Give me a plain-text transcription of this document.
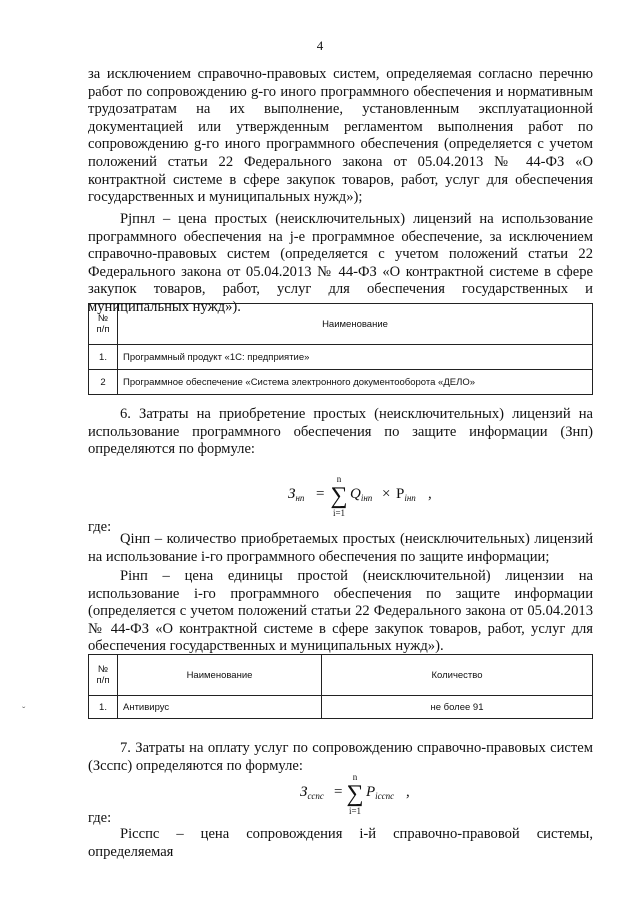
4

за исключением справочно-правовых систем, определяемая согласно перечню работ по сопровождению g-го иного программного обеспечения и нормативным трудозатратам на их выполнение, установленным эксплуатационной документацией или утвержденным регламентом выполнения работ по сопровождению g-го иного программного обеспечения (определяется с учетом положений статьи 22 Федерального закона от 05.04.2013 № 44-ФЗ «О контрактной системе в сфере закупок товаров, работ, услуг для обеспечения государственных и муниципальных нужд»);

Pjпнл – цена простых (неисключительных) лицензий на использование программного обеспечения на j-е программное обеспечение, за исключением справочно-правовых систем (определяется с учетом положений статьи 22 Федерального закона от 05.04.2013 № 44-ФЗ «О контрактной системе в сфере закупок товаров, работ, услуг для обеспечения государственных и муниципальных нужд»).

№ п/п	Наименование
1.	Программный продукт «1С: предприятие»
2	Программное обеспечение «Система электронного документооборота «ДЕЛО»

6. Затраты на приобретение простых (неисключительных) лицензий на использование программного обеспечения по защите информации (Знп) определяются по формуле:

$З_{нп}$ =
n
∑
i=1
$Q_{iнп} \times P_{iнп}$ ,

где:

Qiнп – количество приобретаемых простых (неисключительных) лицензий на использование i-го программного обеспечения по защите информации;

Piнп – цена единицы простой (неисключительной) лицензии на использование i-го программного обеспечения по защите информации (определяется с учетом положений статьи 22 Федерального закона от 05.04.2013 № 44-ФЗ «О контрактной системе в сфере закупок товаров, работ, услуг для обеспечения государственных и муниципальных нужд»).

№ п/п	Наименование	Количество
1.	Антивирус	не более 91

7. Затраты на оплату услуг по сопровождению справочно-правовых систем (Зсспс) определяются по формуле:

$З_{сспс}$ =
n
∑
i=1
$P_{iсспс}$ ,

где:

Piсспс – цена сопровождения i-й справочно-правовой системы, определяемая

ˇ
